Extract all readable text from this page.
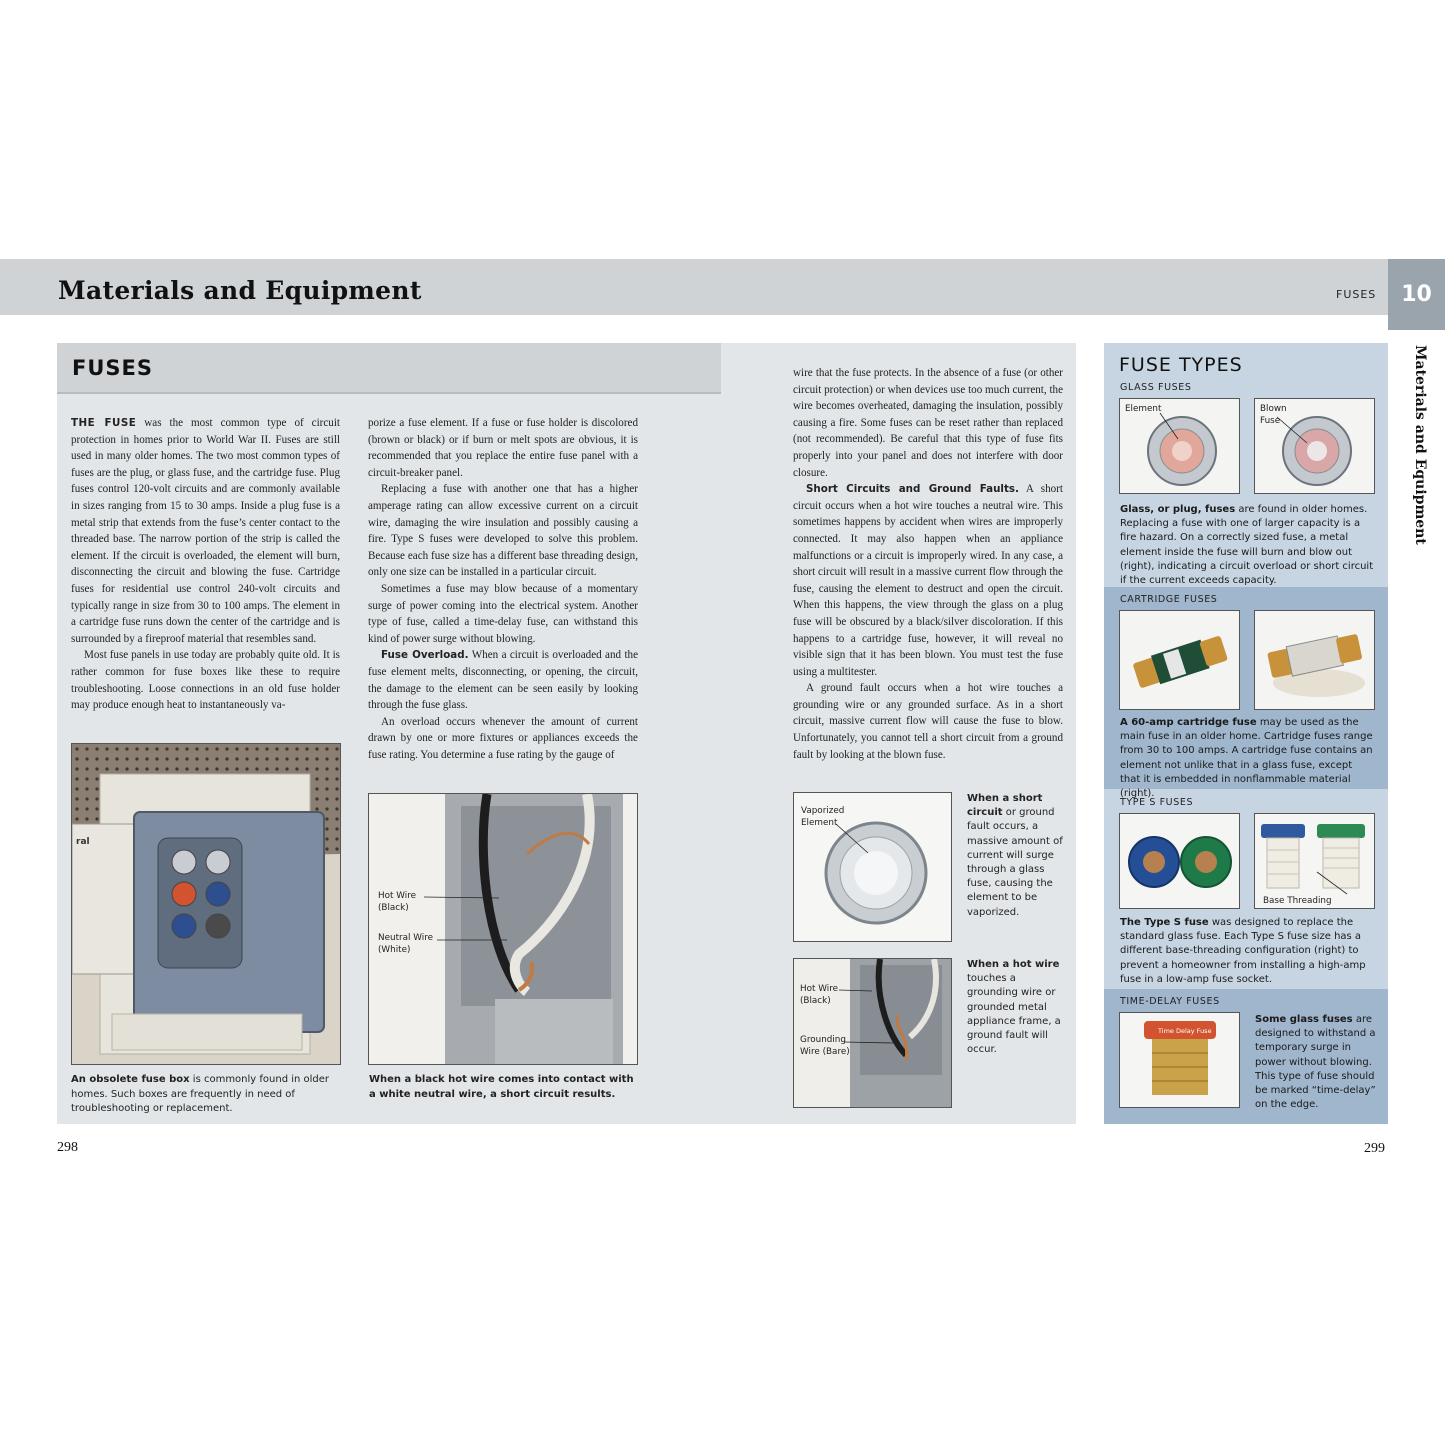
Materials and Equipment	FUSES	10
Materials and Equipment
FUSES

THE FUSE was the most common type of circuit protection in homes prior to World War II. Fuses are still used in many older homes. The two most common types of fuses are the plug, or glass fuse, and the cartridge fuse. Plug fuses control 120-volt circuits and are commonly available in sizes ranging from 15 to 30 amps. Inside a plug fuse is a metal strip that extends from the fuse’s center contact to the threaded base. The narrow portion of the strip is called the element. If the circuit is overloaded, the element will burn, disconnecting the circuit and blowing the fuse. Cartridge fuses for residential use control 240-volt circuits and typically range in size from 30 to 100 amps. The element in a cartridge fuse runs down the center of the cartridge and is surrounded by a fireproof material that resembles sand.

Most fuse panels in use today are probably quite old. It is rather common for fuse boxes like these to require troubleshooting. Loose connections in an old fuse holder may produce enough heat to instantaneously va-

porize a fuse element. If a fuse or fuse holder is discolored (brown or black) or if burn or melt spots are obvious, it is recommended that you replace the entire fuse panel with a circuit-breaker panel.

Replacing a fuse with another one that has a higher amperage rating can allow excessive current on a circuit wire, damaging the wire insulation and possibly causing a fire. Type S fuses were developed to solve this problem. Because each fuse size has a different base threading design, only one size can be installed in a particular circuit.

Sometimes a fuse may blow because of a momentary surge of power coming into the electrical system. Another type of fuse, called a time-delay fuse, can withstand this kind of power surge without blowing.

Fuse Overload. When a circuit is overloaded and the fuse element melts, disconnecting, or opening, the circuit, the damage to the element can be seen easily by looking through the fuse glass.

An overload occurs whenever the amount of current drawn by one or more fixtures or appliances exceeds the fuse rating. You determine a fuse rating by the gauge of

wire that the fuse protects. In the absence of a fuse (or other circuit protection) or when devices use too much current, the wire becomes overheated, damaging the insulation, possibly causing a fire. Some fuses can be reset rather than replaced (not recommended). Be careful that this type of fuse fits properly into your panel and does not interfere with door closure.

Short Circuits and Ground Faults. A short circuit occurs when a hot wire touches a neutral wire. This sometimes happens by accident when wires are improperly connected. It may also happen when an appliance malfunctions or a circuit is improperly wired. In any case, a short circuit will result in a massive current flow through the fuse, causing the element to destruct and open the circuit. When this happens, the view through the glass on a plug fuse will be obscured by a black/silver discoloration. If this happens to a cartridge fuse, however, it will reveal no visible sign that it has been blown. You must test the fuse using a multitester.

A ground fault occurs when a hot wire touches a grounding wire or any grounded surface. As in a short circuit, massive current flow will cause the fuse to blow. Unfortunately, you cannot tell a short circuit from a ground fault by looking at the blown fuse.

ral
An obsolete fuse box is commonly found in older homes. Such boxes are frequently in need of troubleshooting or replacement.
Hot Wire
(Black)
Neutral Wire
(White)
When a black hot wire comes into contact with a white neutral wire, a short circuit results.
Vaporized
Element
When a short circuit or ground fault occurs, a massive amount of current will surge through a glass fuse, causing the element to be vaporized.
Hot Wire
(Black)
Grounding
Wire (Bare)
When a hot wire touches a grounding wire or grounded metal appliance frame, a ground fault will occur.
FUSE TYPES
GLASS FUSES
Element	Blown
Fuse
Glass, or plug, fuses are found in older homes. Replacing a fuse with one of larger capacity is a fire hazard. On a correctly sized fuse, a metal element inside the fuse will burn and blow out (right), indicating a circuit overload or short circuit if the current exceeds capacity.
CARTRIDGE FUSES
A 60-amp cartridge fuse may be used as the main fuse in an older home. Cartridge fuses range from 30 to 100 amps. A cartridge fuse contains an element not unlike that in a glass fuse, except that it is embedded in nonflammable material (right).
TYPE S FUSES
Base Threading
The Type S fuse was designed to replace the standard glass fuse. Each Type S fuse size has a different base-threading configuration (right) to prevent a homeowner from installing a high-amp fuse in a low-amp fuse socket.
TIME-DELAY FUSES
Time Delay Fuse
Some glass fuses are designed to withstand a temporary surge in power without blowing. This type of fuse should be marked “time-delay” on the edge.
298	299
